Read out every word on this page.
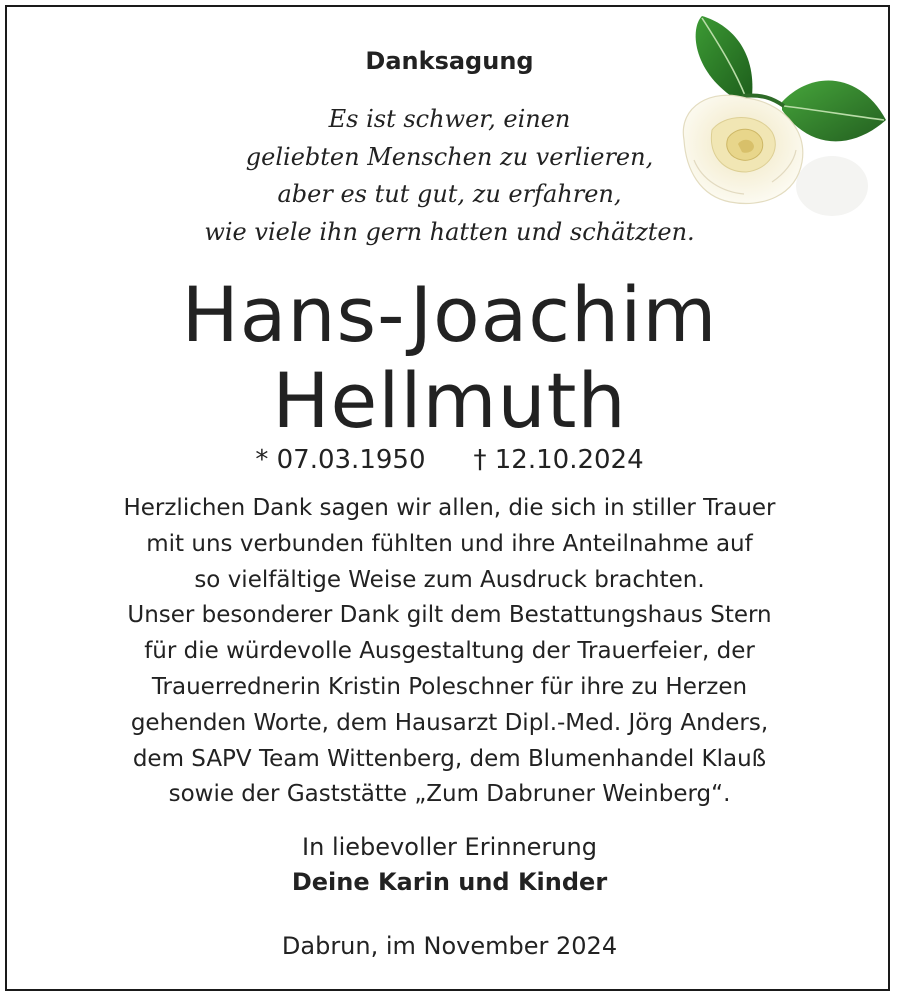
Danksagung
Es ist schwer, einen
geliebten Menschen zu verlieren,
aber es tut gut, zu erfahren,
wie viele ihn gern hatten und schätzten.
Hans-Joachim
Hellmuth
* 07.03.1950 † 12.10.2024
Herzlichen Dank sagen wir allen, die sich in stiller Trauer
mit uns verbunden fühlten und ihre Anteilnahme auf
so vielfältige Weise zum Ausdruck brachten.
Unser besonderer Dank gilt dem Bestattungshaus Stern
für die würdevolle Ausgestaltung der Trauerfeier, der
Trauerrednerin Kristin Poleschner für ihre zu Herzen
gehenden Worte, dem Hausarzt Dipl.-Med. Jörg Anders,
dem SAPV Team Wittenberg, dem Blumenhandel Klauß
sowie der Gaststätte „Zum Dabruner Weinberg“.
In liebevoller Erinnerung
Deine Karin und Kinder
Dabrun, im November 2024
